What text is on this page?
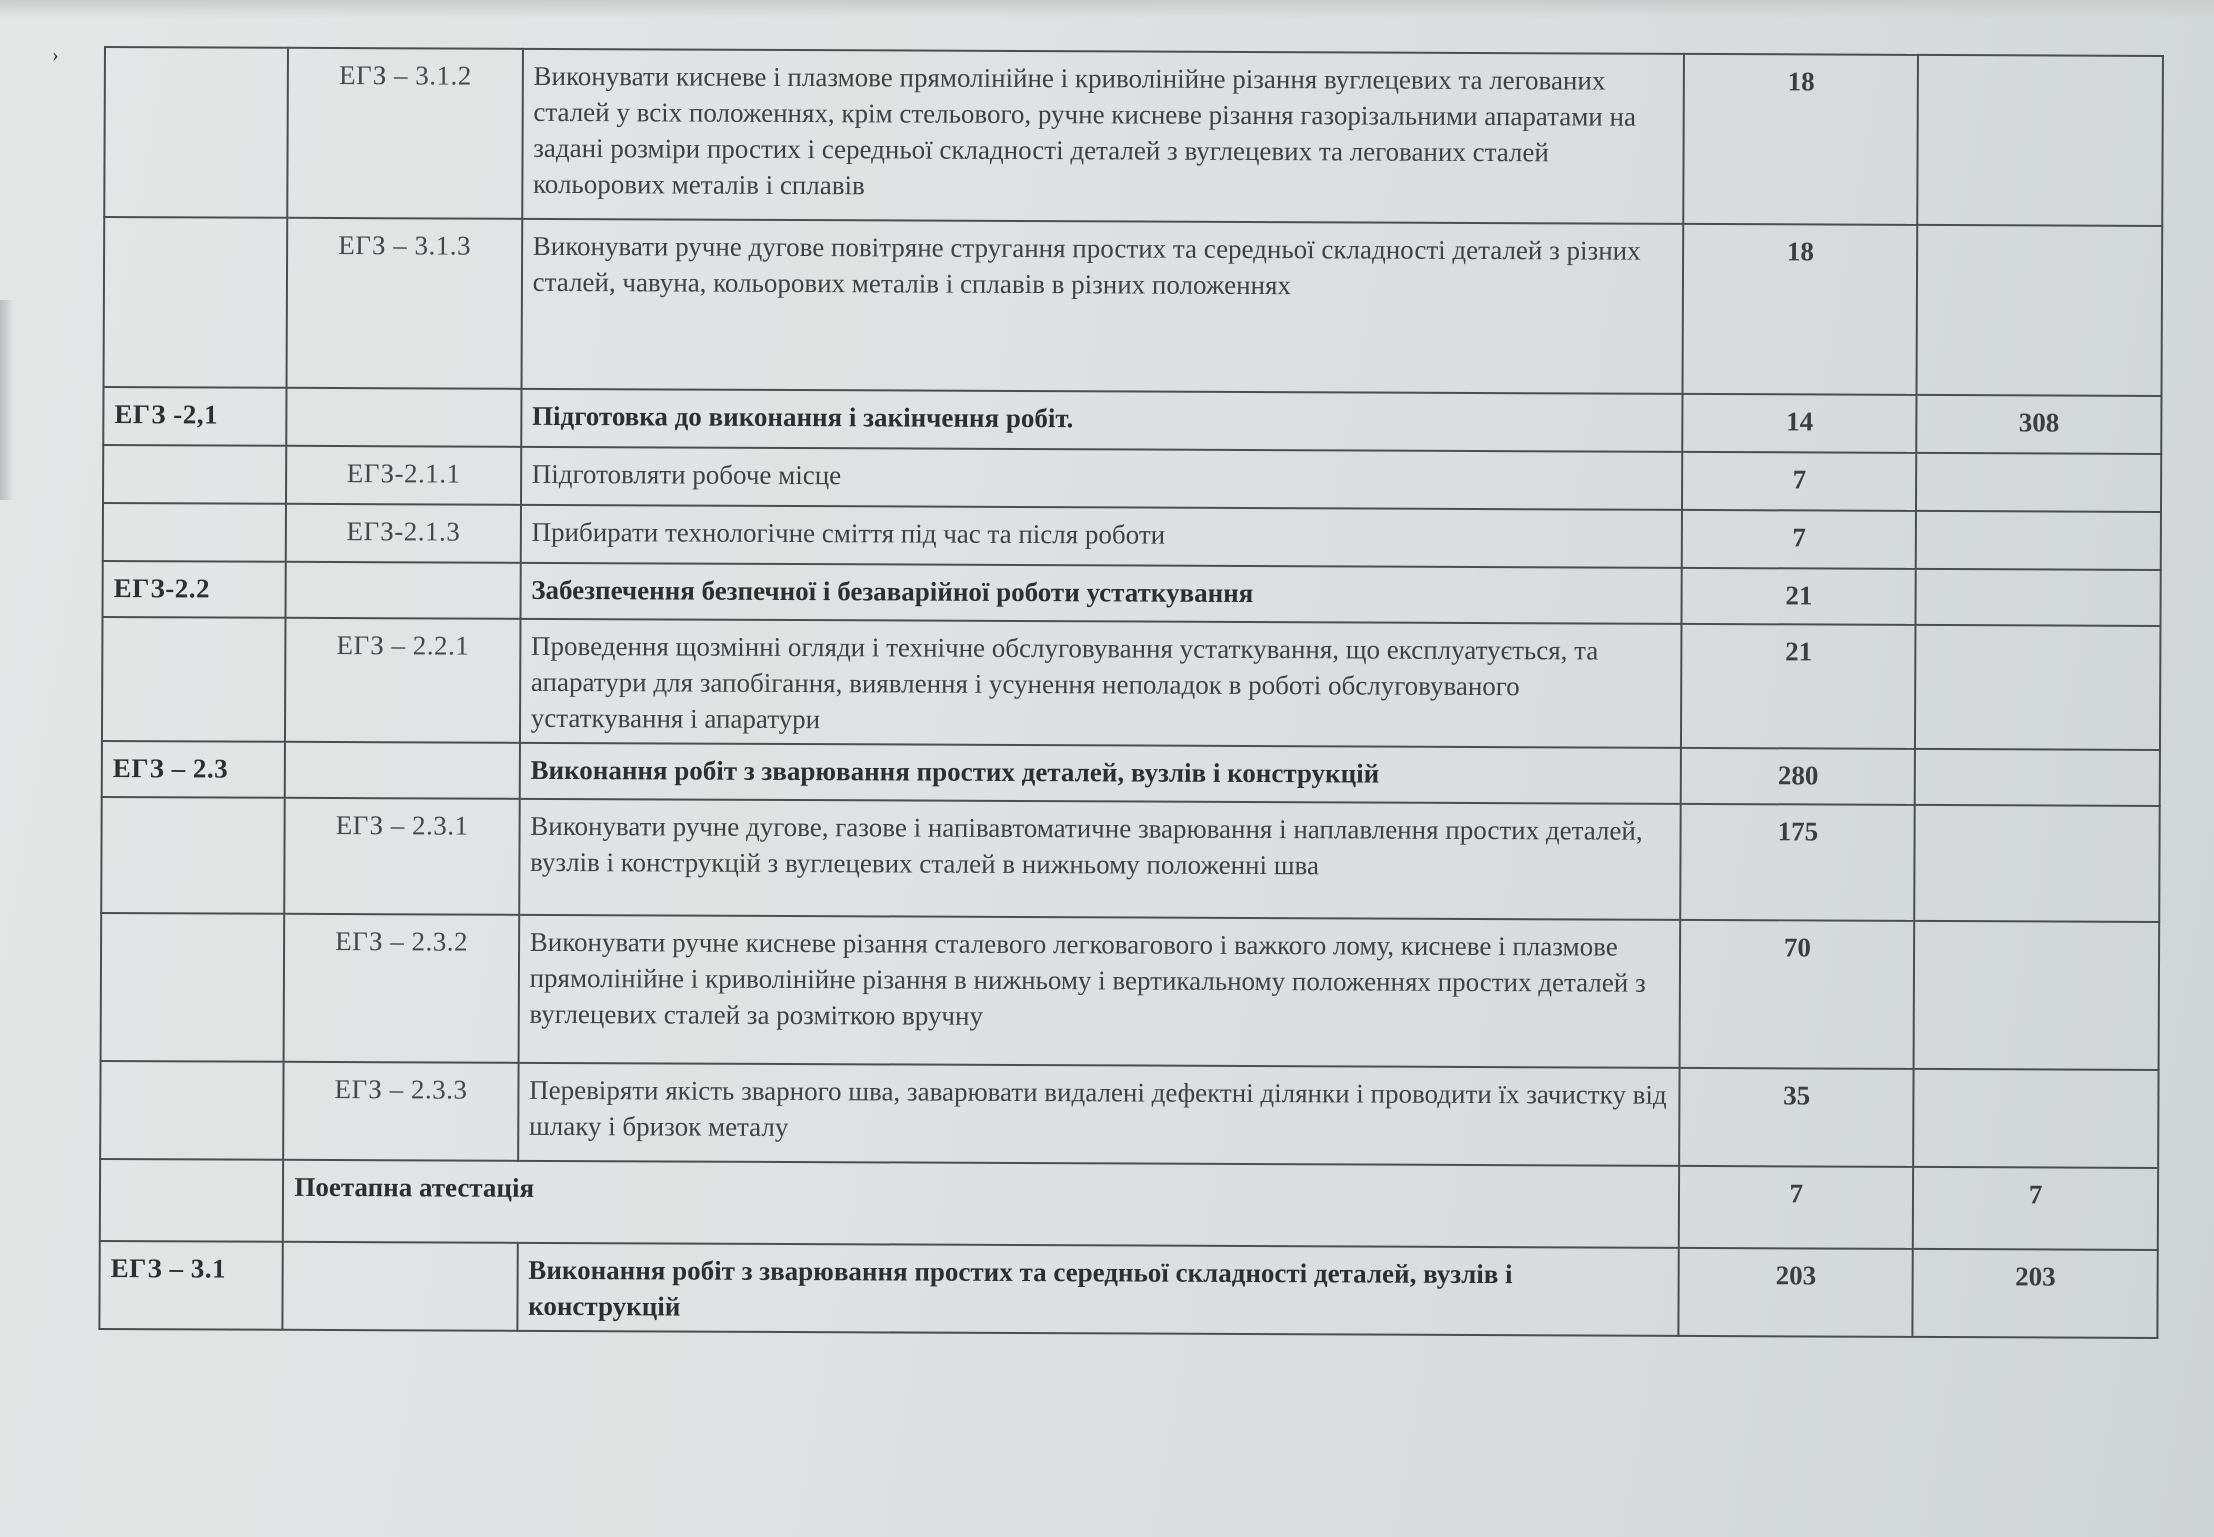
›
	ЕГЗ – 3.1.2	Виконувати кисневе і плазмове прямолінійне і криволінійне різання вуглецевих та легованих сталей у всіх положеннях, крім стельового, ручне кисневе різання газорізальними апаратами на задані розміри простих і середньої складності деталей з вуглецевих та легованих сталей кольорових металів і сплавів	18	
	ЕГЗ – 3.1.3	Виконувати ручне дугове повітряне стругання простих та середньої складності деталей з різних сталей, чавуна, кольорових металів і сплавів в різних положеннях	18	
ЕГЗ -2,1		Підготовка до виконання і закінчення робіт.	14	308
	ЕГЗ-2.1.1	Підготовляти робоче місце	7	
	ЕГЗ-2.1.3	Прибирати технологічне сміття під час та після роботи	7	
ЕГЗ-2.2		Забезпечення безпечної і безаварійної роботи устаткування	21	
	ЕГЗ – 2.2.1	Проведення щозмінні огляди і технічне обслуговування устаткування, що експлуатується, та апаратури для запобігання, виявлення і усунення неполадок в роботі обслуговуваного устаткування і апаратури	21	
ЕГЗ – 2.3		Виконання робіт з зварювання простих деталей, вузлів і конструкцій	280	
	ЕГЗ – 2.3.1	Виконувати ручне дугове, газове і напівавтоматичне зварювання і наплавлення простих деталей, вузлів і конструкцій з вуглецевих сталей в нижньому положенні шва	175	
	ЕГЗ – 2.3.2	Виконувати ручне кисневе різання сталевого легковагового і важкого лому, кисневе і плазмове прямолінійне і криволінійне різання в нижньому і вертикальному положеннях простих деталей з вуглецевих сталей за розміткою вручну	70	
	ЕГЗ – 2.3.3	Перевіряти якість зварного шва, заварювати видалені дефектні ділянки і проводити їх зачистку від шлаку і бризок металу	35	
	Поетапна атестація		7	7
ЕГЗ – 3.1		Виконання робіт з зварювання простих та середньої складності деталей, вузлів і конструкцій	203	203
